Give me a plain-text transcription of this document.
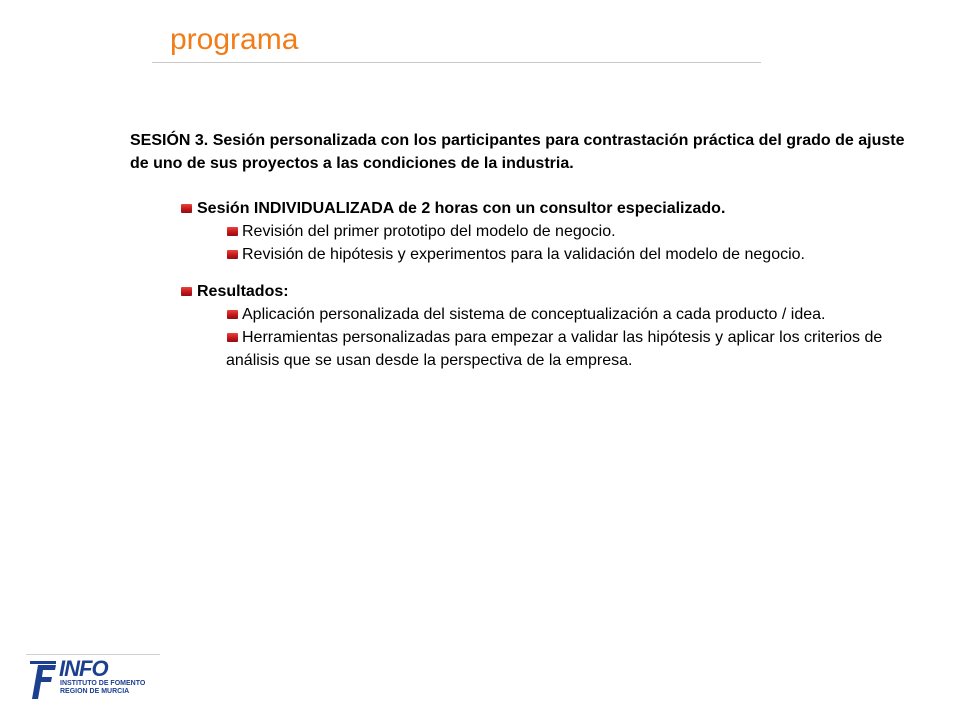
programa

SESIÓN 3. Sesión personalizada con los participantes para contrastación práctica del grado de ajuste de uno de sus proyectos a las condiciones de la industria.

Sesión INDIVIDUALIZADA de 2 horas con un consultor especializado.
Revisión del primer prototipo del modelo de negocio.
Revisión de hipótesis y experimentos para la validación del modelo de negocio.
Resultados:
Aplicación personalizada del sistema de conceptualización a cada producto / idea.
Herramientas personalizadas para empezar a validar las hipótesis y aplicar los criterios de análisis que se usan desde la perspectiva de la empresa.
INFO
INSTITUTO DE FOMENTO
REGION DE MURCIA
